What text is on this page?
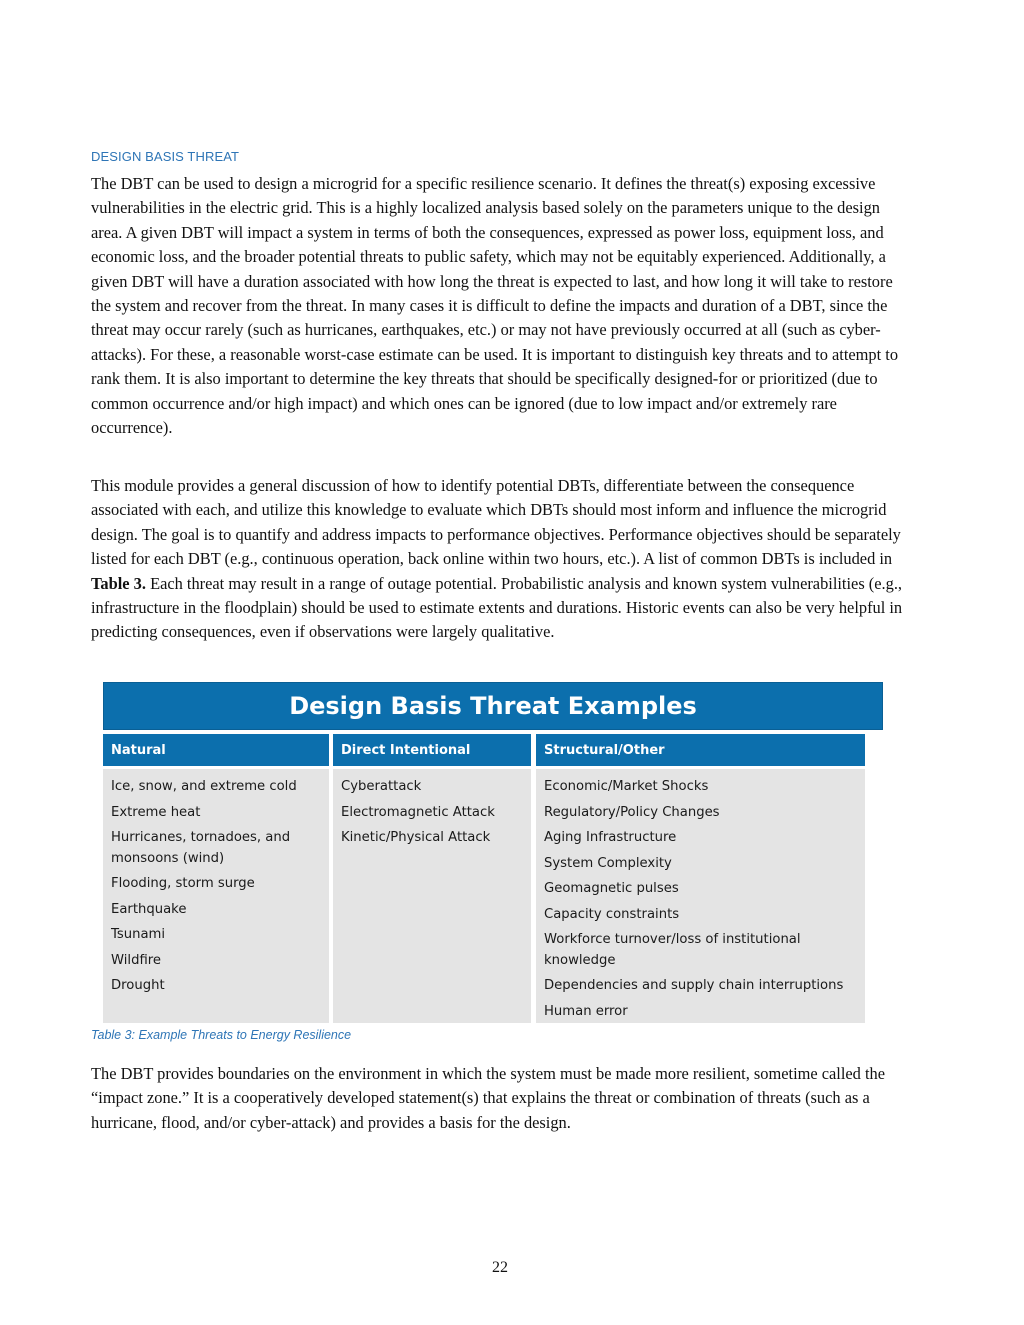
DESIGN BASIS THREAT

The DBT can be used to design a microgrid for a specific resilience scenario. It defines the threat(s) exposing excessive vulnerabilities in the electric grid. This is a highly localized analysis based solely on the parameters unique to the design area. A given DBT will impact a system in terms of both the consequences, expressed as power loss, equipment loss, and economic loss, and the broader potential threats to public safety, which may not be equitably experienced. Additionally, a given DBT will have a duration associated with how long the threat is expected to last, and how long it will take to restore the system and recover from the threat. In many cases it is difficult to define the impacts and duration of a DBT, since the threat may occur rarely (such as hurricanes, earthquakes, etc.) or may not have previously occurred at all (such as cyber-attacks). For these, a reasonable worst-case estimate can be used. It is important to distinguish key threats and to attempt to rank them. It is also important to determine the key threats that should be specifically designed-for or prioritized (due to common occurrence and/or high impact) and which ones can be ignored (due to low impact and/or extremely rare occurrence).

This module provides a general discussion of how to identify potential DBTs, differentiate between the consequence associated with each, and utilize this knowledge to evaluate which DBTs should most inform and influence the microgrid design. The goal is to quantify and address impacts to performance objectives. Performance objectives should be separately listed for each DBT (e.g., continuous operation, back online within two hours, etc.). A list of common DBTs is included in Table 3. Each threat may result in a range of outage potential. Probabilistic analysis and known system vulnerabilities (e.g., infrastructure in the floodplain) should be used to estimate extents and durations. Historic events can also be very helpful in predicting consequences, even if observations were largely qualitative.

Design Basis Threat Examples
Natural	Direct Intentional	Structural/Other
Ice, snow, and extreme cold
Extreme heat
Hurricanes, tornadoes, and monsoons (wind)
Flooding, storm surge
Earthquake
Tsunami
Wildfire
Drought
Cyberattack
Electromagnetic Attack
Kinetic/Physical Attack
Economic/Market Shocks
Regulatory/Policy Changes
Aging Infrastructure
System Complexity
Geomagnetic pulses
Capacity constraints
Workforce turnover/loss of institutional knowledge
Dependencies and supply chain interruptions
Human error
Table 3: Example Threats to Energy Resilience

The DBT provides boundaries on the environment in which the system must be made more resilient, sometime called the “impact zone.” It is a cooperatively developed statement(s) that explains the threat or combination of threats (such as a hurricane, flood, and/or cyber-attack) and provides a basis for the design.

22
